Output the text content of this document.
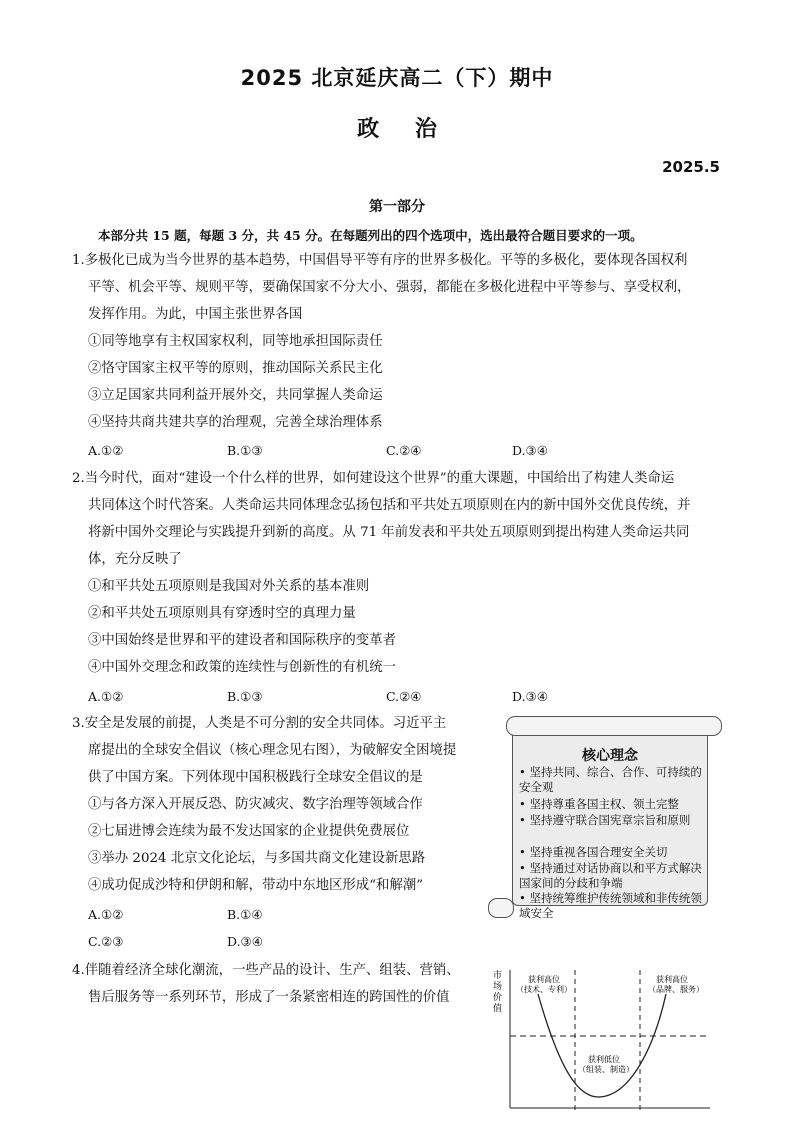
2025 北京延庆高二（下）期中
政 治
2025.5
第一部分
本部分共 15 题，每题 3 分，共 45 分。在每题列出的四个选项中，选出最符合题目要求的一项。
1.多极化已成为当今世界的基本趋势，中国倡导平等有序的世界多极化。平等的多极化，要体现各国权利
平等、机会平等、规则平等，要确保国家不分大小、强弱，都能在多极化进程中平等参与、享受权利，
发挥作用。为此，中国主张世界各国
①同等地享有主权国家权利，同等地承担国际责任
②恪守国家主权平等的原则，推动国际关系民主化
③立足国家共同利益开展外交，共同掌握人类命运
④坚持共商共建共享的治理观，完善全球治理体系
A.①②	B.①③	C.②④	D.③④
2.当今时代，面对“建设一个什么样的世界，如何建设这个世界”的重大课题，中国给出了构建人类命运
共同体这个时代答案。人类命运共同体理念弘扬包括和平共处五项原则在内的新中国外交优良传统，并
将新中国外交理论与实践提升到新的高度。从 71 年前发表和平共处五项原则到提出构建人类命运共同
体，充分反映了
①和平共处五项原则是我国对外关系的基本准则
②和平共处五项原则具有穿透时空的真理力量
③中国始终是世界和平的建设者和国际秩序的变革者
④中国外交理念和政策的连续性与创新性的有机统一
A.①②	B.①③	C.②④	D.③④
3.安全是发展的前提，人类是不可分割的安全共同体。习近平主
席提出的全球安全倡议（核心理念见右图），为破解安全困境提
供了中国方案。下列体现中国积极践行全球安全倡议的是
①与各方深入开展反恐、防灾减灾、数字治理等领域合作
②七届进博会连续为最不发达国家的企业提供免费展位
③举办 2024 北京文化论坛，与多国共商文化建设新思路
④成功促成沙特和伊朗和解，带动中东地区形成“和解潮”
A.①②	B.①④
C.②③	D.③④
核心理念
• 坚持共同、综合、合作、可持续的安全观
• 坚持尊重各国主权、领土完整
• 坚持遵守联合国宪章宗旨和原则
• 坚持重视各国合理安全关切
• 坚持通过对话协商以和平方式解决国家间的分歧和争端
• 坚持统筹维护传统领域和非传统领域安全
4.伴随着经济全球化潮流，一些产品的设计、生产、组装、营销、
售后服务等一系列环节，形成了一条紧密相连的跨国性的价值
市
场
价
值
获利高位
（技术、专利）
获利高位
（品牌、服务）
获利低位
（组装、制造）
